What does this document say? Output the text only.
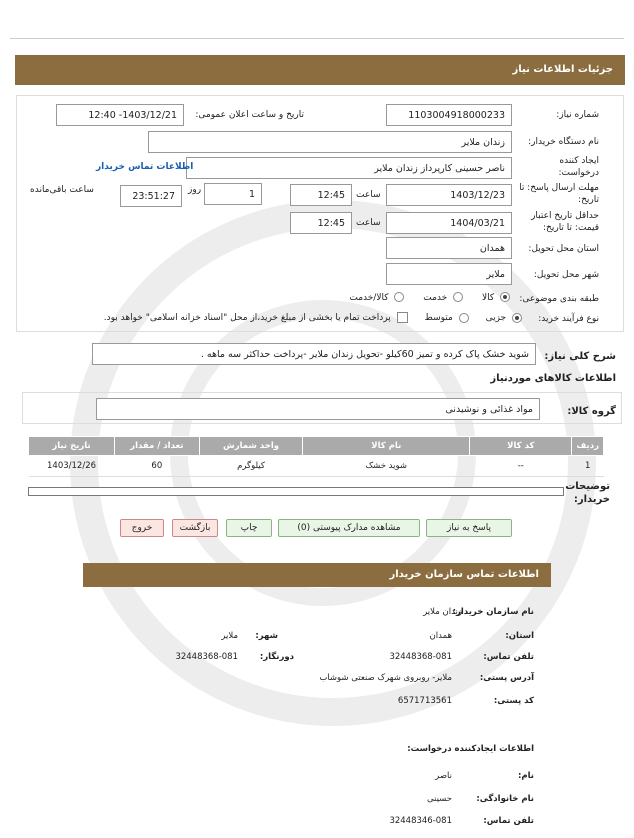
جزئیات اطلاعات نیاز
شماره نیاز:
1103004918000233
تاریخ و ساعت اعلان عمومی:
1403/12/21- 12:40
نام دستگاه خریدار:
زندان ملایر
ایجاد کننده
درخواست:
ناصر حسینی کارپرداز زندان ملایر
اطلاعات تماس خریدار
مهلت ارسال پاسخ: تا
تاریخ:
1403/12/23
ساعت
12:45
1
روز
23:51:27
ساعت باقی‌مانده
حداقل تاریخ اعتبار
قیمت: تا تاریخ:
1404/03/21
ساعت
12:45
استان محل تحویل:
همدان
شهر محل تحویل:
ملایر
طبقه بندی موضوعی:
کالا  خدمت  کالا/خدمت
نوع فرآیند خرید:
جزیی  متوسط  پرداخت تمام یا بخشی از مبلغ خرید،از محل "اسناد خزانه اسلامی" خواهد بود.
شرح کلی نیاز:
شوید خشک پاک کرده و تمیز 60کیلو -تحویل زندان ملایر -پرداخت حداکثر سه ماهه .
اطلاعات کالاهای موردنیاز
گروه کالا:
مواد غذائی و نوشیدنی
ردیف	کد کالا	نام کالا	واحد شمارش	تعداد / مقدار	تاریخ نیاز
1	--	شوید خشک	کیلوگرم	60	1403/12/26
توضیحات
خریدار:
پاسخ به نیاز
مشاهده مدارک پیوستی (0)
چاپ
بازگشت
خروج
اطلاعات تماس سازمان خریدار
نام سازمان خریدار:
زندان ملایر
استان:
همدان
شهر:
ملایر
تلفن تماس:
32448368-081
دورنگار:
32448368-081
آدرس پستی:
ملایر- روبروی شهرک صنعتی شوشاب
کد پستی:
6571713561
اطلاعات ایجادکننده درخواست:
نام:
ناصر
نام خانوادگی:
حسینی
تلفن تماس:
32448346-081
